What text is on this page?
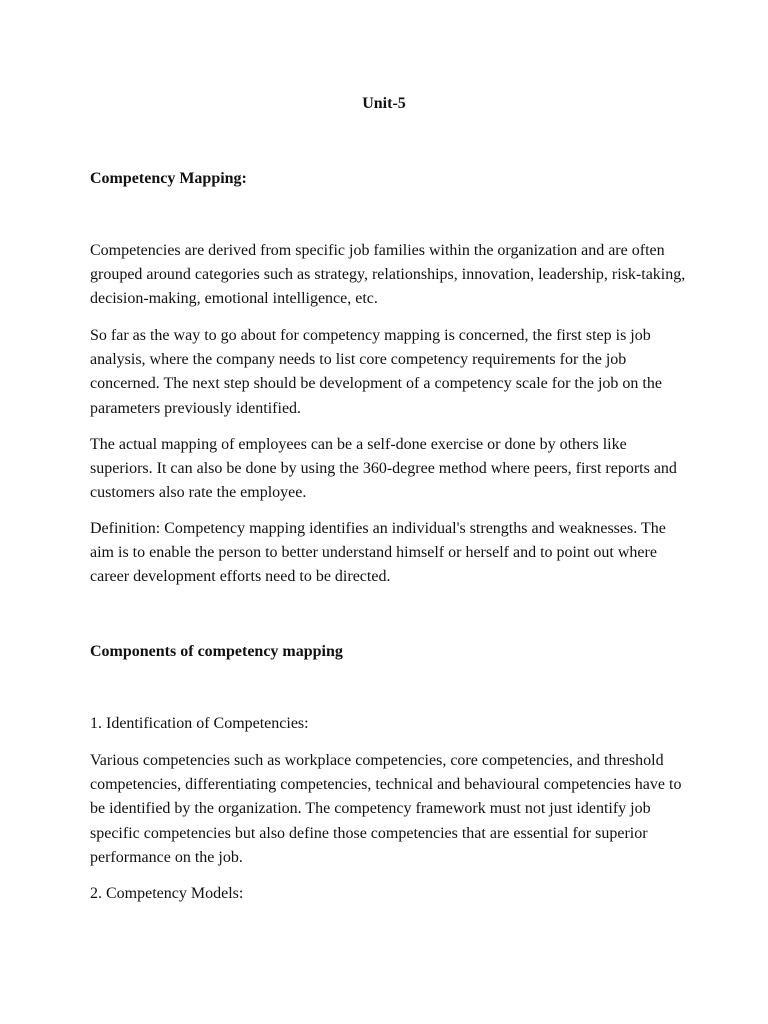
Unit-5
Competency Mapping:

Competencies are derived from specific job families within the organization and are often grouped around categories such as strategy, relationships, innovation, leadership, risk-taking, decision-making, emotional intelligence, etc.

So far as the way to go about for competency mapping is concerned, the first step is job analysis, where the company needs to list core competency requirements for the job concerned. The next step should be development of a competency scale for the job on the parameters previously identified.

The actual mapping of employees can be a self-done exercise or done by others like superiors. It can also be done by using the 360-degree method where peers, first reports and customers also rate the employee.

Definition: Competency mapping identifies an individual's strengths and weaknesses. The aim is to enable the person to better understand himself or herself and to point out where career development efforts need to be directed.

Components of competency mapping

1. Identification of Competencies:

Various competencies such as workplace competencies, core competencies, and threshold competencies, differentiating competencies, technical and behavioural competencies have to be identified by the organization. The competency framework must not just identify job specific competencies but also define those competencies that are essential for superior performance on the job.

2. Competency Models:
